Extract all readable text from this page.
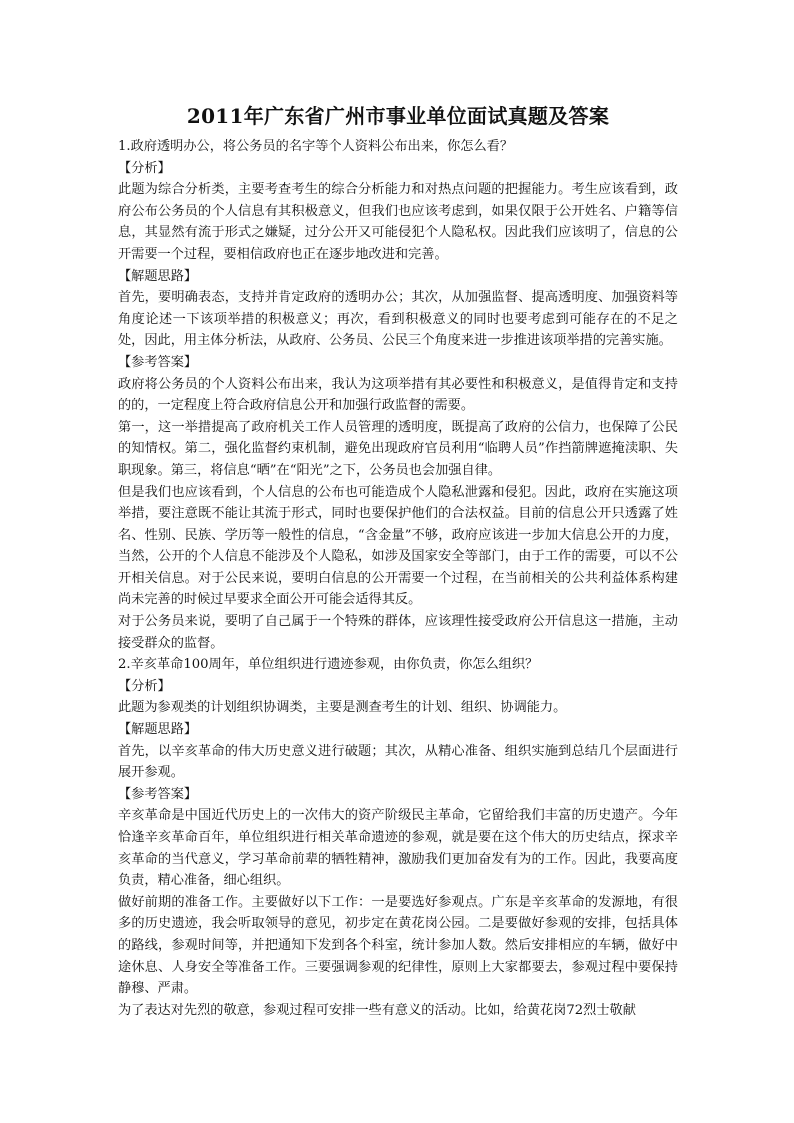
2011年广东省广州市事业单位面试真题及答案

1.政府透明办公，将公务员的名字等个人资料公布出来，你怎么看？

【分析】

此题为综合分析类，主要考查考生的综合分析能力和对热点问题的把握能力。考生应该看到，政府公布公务员的个人信息有其积极意义，但我们也应该考虑到，如果仅限于公开姓名、户籍等信息，其显然有流于形式之嫌疑，过分公开又可能侵犯个人隐私权。因此我们应该明了，信息的公开需要一个过程，要相信政府也正在逐步地改进和完善。

【解题思路】

首先，要明确表态，支持并肯定政府的透明办公；其次，从加强监督、提高透明度、加强资料等角度论述一下该项举措的积极意义；再次，看到积极意义的同时也要考虑到可能存在的不足之处，因此，用主体分析法，从政府、公务员、公民三个角度来进一步推进该项举措的完善实施。

【参考答案】

政府将公务员的个人资料公布出来，我认为这项举措有其必要性和积极意义，是值得肯定和支持的的，一定程度上符合政府信息公开和加强行政监督的需要。

第一，这一举措提高了政府机关工作人员管理的透明度，既提高了政府的公信力，也保障了公民的知情权。第二，强化监督约束机制，避免出现政府官员利用“临聘人员”作挡箭牌遮掩渎职、失职现象。第三，将信息“晒”在“阳光”之下，公务员也会加强自律。

但是我们也应该看到，个人信息的公布也可能造成个人隐私泄露和侵犯。因此，政府在实施这项举措，要注意既不能让其流于形式，同时也要保护他们的合法权益。目前的信息公开只透露了姓名、性别、民族、学历等一般性的信息，“含金量”不够，政府应该进一步加大信息公开的力度，当然，公开的个人信息不能涉及个人隐私，如涉及国家安全等部门，由于工作的需要，可以不公开相关信息。对于公民来说，要明白信息的公开需要一个过程，在当前相关的公共利益体系构建尚未完善的时候过早要求全面公开可能会适得其反。

对于公务员来说，要明了自己属于一个特殊的群体，应该理性接受政府公开信息这一措施，主动接受群众的监督。

2.辛亥革命100周年，单位组织进行遗迹参观，由你负责，你怎么组织？

【分析】

此题为参观类的计划组织协调类，主要是测查考生的计划、组织、协调能力。

【解题思路】

首先，以辛亥革命的伟大历史意义进行破题；其次，从精心准备、组织实施到总结几个层面进行展开参观。

【参考答案】

辛亥革命是中国近代历史上的一次伟大的资产阶级民主革命，它留给我们丰富的历史遗产。今年恰逢辛亥革命百年，单位组织进行相关革命遗迹的参观，就是要在这个伟大的历史结点，探求辛亥革命的当代意义，学习革命前辈的牺牲精神，激励我们更加奋发有为的工作。因此，我要高度负责，精心准备，细心组织。

做好前期的准备工作。主要做好以下工作：一是要选好参观点。广东是辛亥革命的发源地，有很多的历史遗迹，我会听取领导的意见，初步定在黄花岗公园。二是要做好参观的安排，包括具体的路线，参观时间等，并把通知下发到各个科室，统计参加人数。然后安排相应的车辆，做好中途休息、人身安全等准备工作。三要强调参观的纪律性，原则上大家都要去，参观过程中要保持静穆、严肃。

为了表达对先烈的敬意，参观过程可安排一些有意义的活动。比如，给黄花岗72烈士敬献
